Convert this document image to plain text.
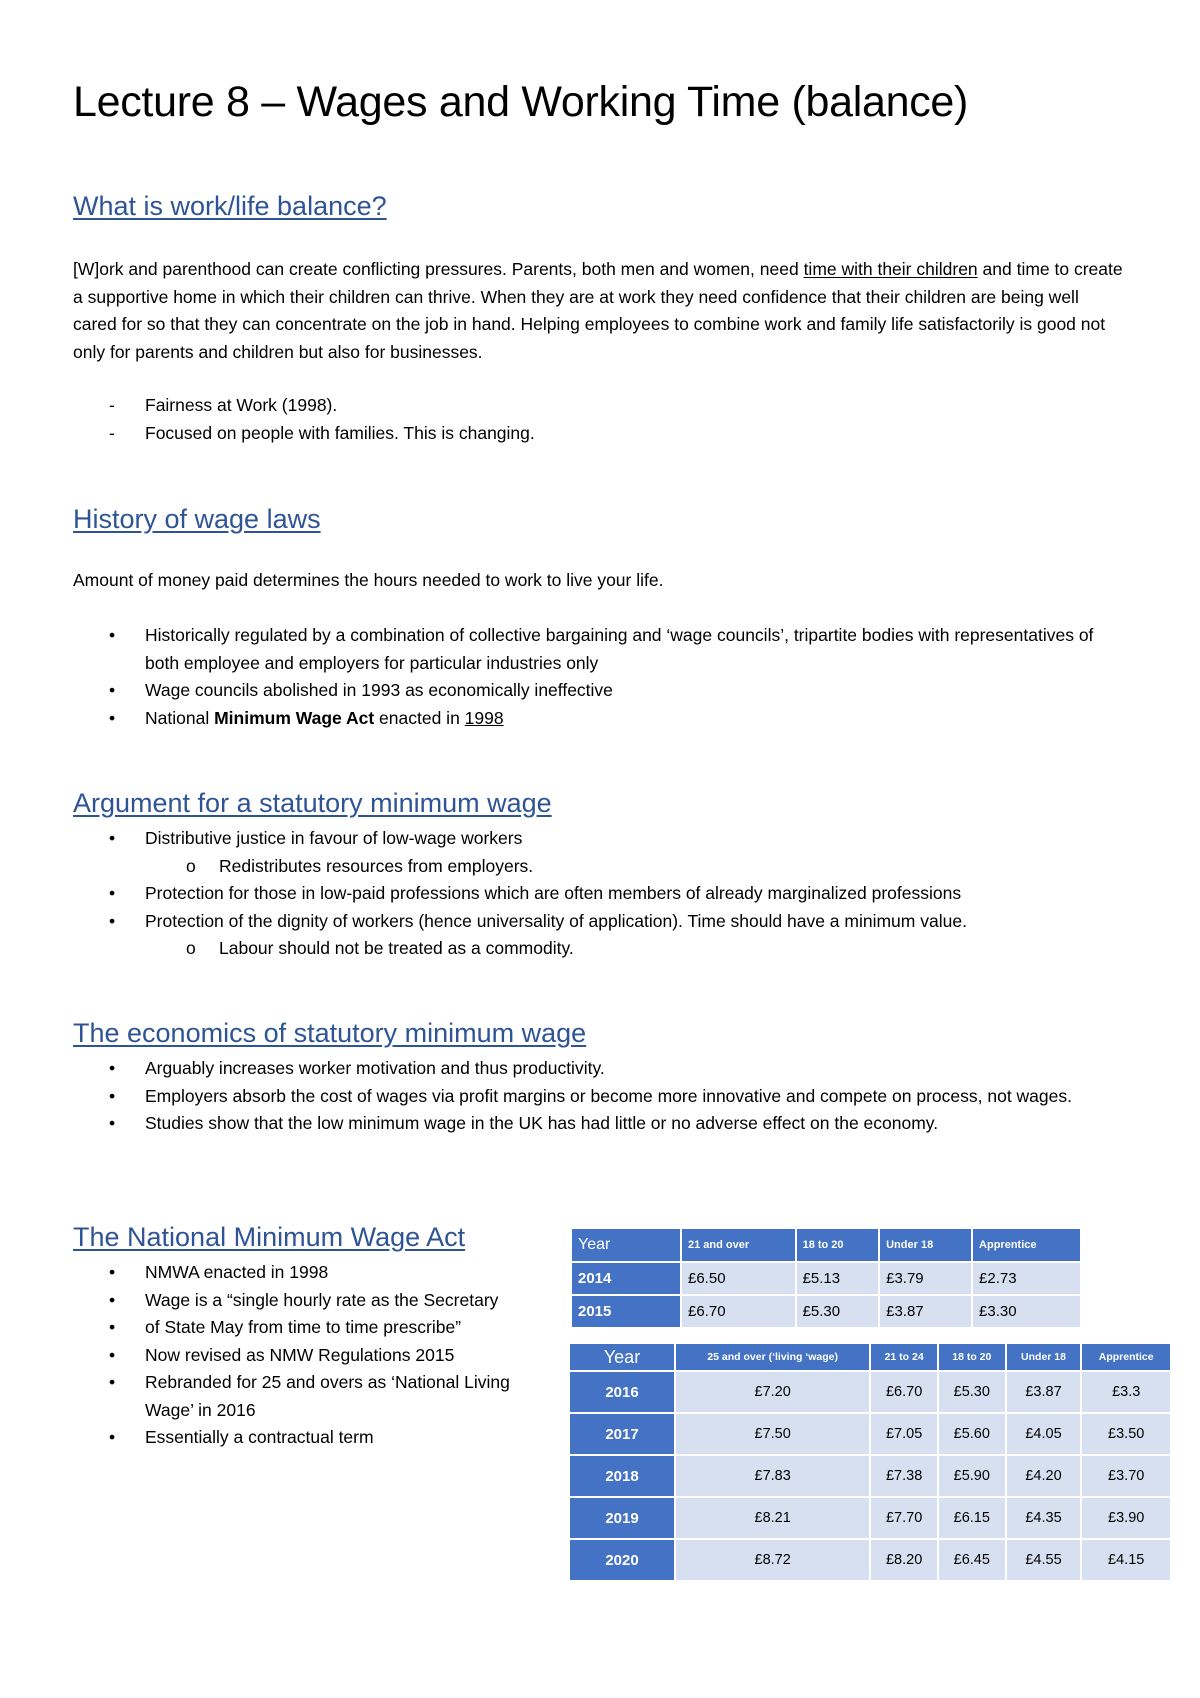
Lecture 8 – Wages and Working Time (balance)
What is work/life balance?

[W]ork and parenthood can create conflicting pressures. Parents, both men and women, need time with their children and time to create a supportive home in which their children can thrive. When they are at work they need confidence that their children are being well cared for so that they can concentrate on the job in hand. Helping employees to combine work and family life satisfactorily is good not only for parents and children but also for businesses.

- Fairness at Work (1998).
- Focused on people with families. This is changing.
History of wage laws

Amount of money paid determines the hours needed to work to live your life.

• Historically regulated by a combination of collective bargaining and ‘wage councils’, tripartite bodies with representatives of both employee and employers for particular industries only
• Wage councils abolished in 1993 as economically ineffective
• National Minimum Wage Act enacted in 1998
Argument for a statutory minimum wage
• Distributive justice in favour of low-wage workers
o Redistributes resources from employers.
• Protection for those in low-paid professions which are often members of already marginalized professions
• Protection of the dignity of workers (hence universality of application). Time should have a minimum value.
o Labour should not be treated as a commodity.
The economics of statutory minimum wage
• Arguably increases worker motivation and thus productivity.
• Employers absorb the cost of wages via profit margins or become more innovative and compete on process, not wages.
• Studies show that the low minimum wage in the UK has had little or no adverse effect on the economy.
The National Minimum Wage Act
• NMWA enacted in 1998
• Wage is a “single hourly rate as the Secretary
• of State May from time to time prescribe”
• Now revised as NMW Regulations 2015
• Rebranded for 25 and overs as ‘National Living Wage’ in 2016
• Essentially a contractual term
Year	21 and over	18 to 20	Under 18	Apprentice
2014	£6.50	£5.13	£3.79	£2.73
2015	£6.70	£5.30	£3.87	£3.30
Year	25 and over (‘living ‘wage)	21 to 24	18 to 20	Under 18	Apprentice
2016	£7.20	£6.70	£5.30	£3.87	£3.3
2017	£7.50	£7.05	£5.60	£4.05	£3.50
2018	£7.83	£7.38	£5.90	£4.20	£3.70
2019	£8.21	£7.70	£6.15	£4.35	£3.90
2020	£8.72	£8.20	£6.45	£4.55	£4.15
